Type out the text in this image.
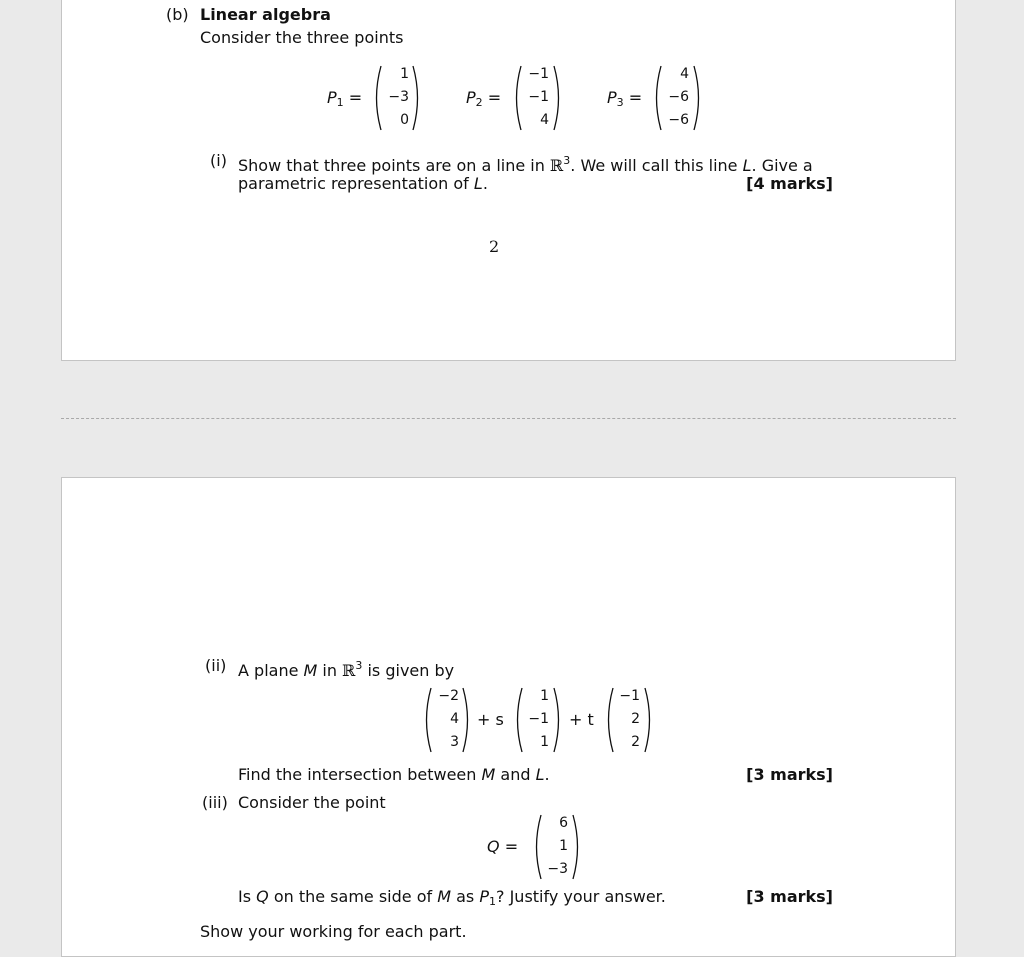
(b) Linear algebra
Consider the three points
$P_1$ =
1
−3
0
$P_2$ =
−1
−1
4
$P_3$ =
4
−6
−6
(i) Show that three points are on a line in ℝ$^3$. We will call this line L. Give a
parametric representation of L.	[4 marks]
2
(ii) A plane M in ℝ$^3$ is given by
−2
4
3
+ s
1
−1
1
+ t
−1
2
2
Find the intersection between M and L.	[3 marks]
(iii) Consider the point
Q =
6
1
−3
Is Q on the same side of M as $P_1$? Justify your answer.	[3 marks]
Show your working for each part.
